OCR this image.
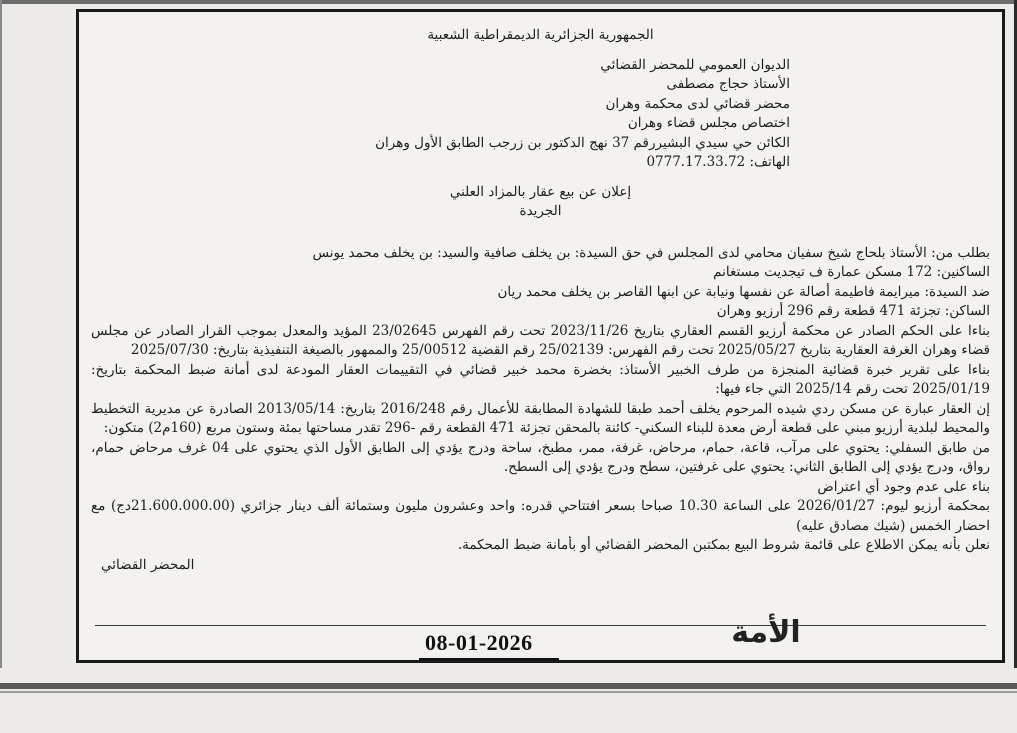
الجمهورية الجزائرية الديمقراطية الشعبية
الديوان العمومي للمحضر القضائي
الأستاذ حجاج مصطفى
محضر قضائي لدى محكمة وهران
اختصاص مجلس قضاء وهران
الكائن حي سيدي البشيررقم 37 نهج الدكتور بن زرجب الطابق الأول وهران
الهاتف: 0777.17.33.72
إعلان عن بيع عقار بالمزاد العلني
الجريدة
بطلب من: الأستاذ بلحاج شيخ سفيان محامي لدى المجلس في حق السيدة: بن يخلف صافية والسيد: بن يخلف محمد يونس
الساكنين: 172 مسكن عمارة ف تيجديت مستغانم
ضد السيدة: ميرايمة فاطيمة أصالة عن نفسها ونيابة عن ابنها القاصر بن يخلف محمد ريان
الساكن: تجزئة 471 قطعة رقم 296 أرزيو وهران
بناءا على الحكم الصادر عن محكمة أرزيو القسم العقاري بتاريخ 2023/11/26 تحت رقم الفهرس 23/02645 المؤيد والمعدل بموجب القرار الصادر عن مجلس قضاء وهران الغرفة العقارية بتاريخ 2025/05/27 تحت رقم الفهرس: 25/02139 رقم القضية 25/00512 والممهور بالصيغة التنفيذية بتاريخ: 2025/07/30
بناءا على تقرير خبرة قضائية المنجزة من طرف الخبير الأستاذ: بخضرة محمد خبير قضائي في التقييمات العقار المودعة لدى أمانة ضبط المحكمة بتاريخ: 2025/01/19 تحت رقم 2025/14 التي جاء فيها:
إن العقار عبارة عن مسكن ردي شيده المرحوم يخلف أحمد طبقا للشهادة المطابقة للأعمال رقم 2016/248 بتاريخ: 2013/05/14 الصادرة عن مديرية التخطيط والمحيط لبلدية أرزيو مبني على قطعة أرض معدة للبناء السكني- كائنة بالمحقن تجزئة 471 القطعة رقم -296 تقدر مساحتها بمئة وستون مربع (160م2) متكون:
من طابق السفلي: يحتوي على مرآب، قاعة، حمام، مرحاض، غرفة، ممر، مطبخ، ساحة ودرج يؤدي إلى الطابق الأول الذي يحتوي على 04 غرف مرحاض حمام، رواق، ودرج يؤدي إلى الطابق الثاني: يحتوي على غرفتين، سطح ودرج يؤدي إلى السطح.
بناء على عدم وجود أي اعتراض
بمحكمة أرزيو ليوم: 2026/01/27 على الساعة 10.30 صباحا بسعر افتتاحي قدره: واحد وعشرون مليون وستمائة ألف دينار جزائري (21.600.000.00دج) مع احضار الخمس (شيك مصادق عليه)
نعلن بأنه يمكن الاطلاع على قائمة شروط البيع بمكتبن المحضر القضائي أو بأمانة ضبط المحكمة.
المحضر القضائي
08-01-2026	الأمة
